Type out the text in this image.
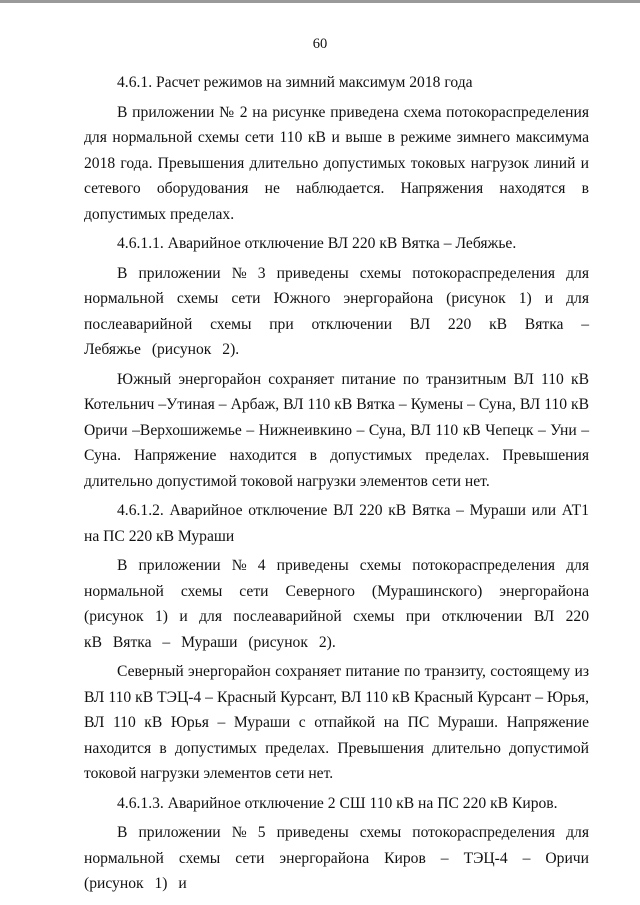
60

4.6.1. Расчет режимов на зимний максимум 2018 года

В приложении № 2 на рисунке приведена схема потокораспределения для нормальной схемы сети 110 кВ и выше в режиме зимнего максимума 2018 года. Превышения длительно допустимых токовых нагрузок линий и сетевого оборудования не наблюдается. Напряжения находятся в допустимых пределах.

4.6.1.1. Аварийное отключение ВЛ 220 кВ Вятка – Лебяжье.

В приложении № 3 приведены схемы потокораспределения для нормальной схемы сети Южного энергорайона (рисунок 1) и для послеаварийной схемы при отключении ВЛ 220 кВ Вятка – Лебяжье (рисунок 2).

Южный энергорайон сохраняет питание по транзитным ВЛ 110 кВ Котельнич –Утиная – Арбаж, ВЛ 110 кВ Вятка – Кумены – Суна, ВЛ 110 кВ Оричи –Верхошижемье – Нижнеивкино – Суна, ВЛ 110 кВ Чепецк – Уни – Суна. Напряжение находится в допустимых пределах. Превышения длительно допустимой токовой нагрузки элементов сети нет.

4.6.1.2. Аварийное отключение ВЛ 220 кВ Вятка – Мураши или АТ1 на ПС 220 кВ Мураши

В приложении № 4 приведены схемы потокораспределения для нормальной схемы сети Северного (Мурашинского) энергорайона (рисунок 1) и для послеаварийной схемы при отключении ВЛ 220 кВ Вятка – Мураши (рисунок 2).

Северный энергорайон сохраняет питание по транзиту, состоящему из ВЛ 110 кВ ТЭЦ-4 – Красный Курсант, ВЛ 110 кВ Красный Курсант – Юрья, ВЛ 110 кВ Юрья – Мураши с отпайкой на ПС Мураши. Напряжение находится в допустимых пределах. Превышения длительно допустимой токовой нагрузки элементов сети нет.

4.6.1.3. Аварийное отключение 2 СШ 110 кВ на ПС 220 кВ Киров.

В приложении № 5 приведены схемы потокораспределения для нормальной схемы сети энергорайона Киров – ТЭЦ-4 – Оричи (рисунок 1) и
